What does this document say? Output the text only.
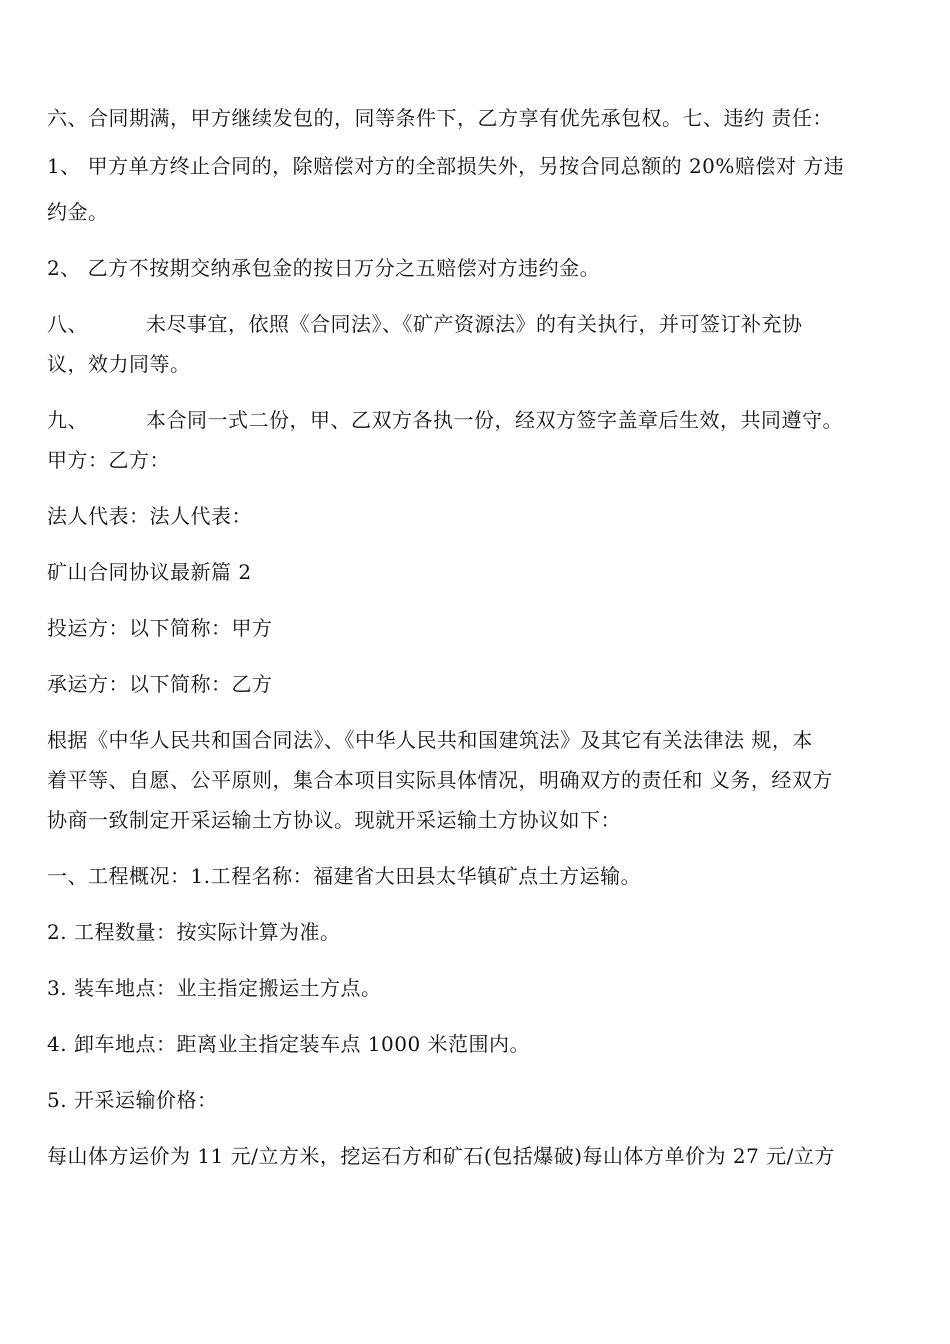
六、合同期满，甲方继续发包的，同等条件下，乙方享有优先承包权。七、违约 责任：
1、 甲方单方终止合同的，除赔偿对方的全部损失外，另按合同总额的 20%赔偿对 方违
约金。
2、 乙方不按期交纳承包金的按日万分之五赔偿对方违约金。
八、	未尽事宜，依照《合同法》、《矿产资源法》的有关执行，并可签订补充协
议，效力同等。
九、	本合同一式二份，甲、乙双方各执一份，经双方签字盖章后生效，共同遵守。
甲方：乙方：
法人代表：法人代表：
矿山合同协议最新篇 2
投运方：以下简称：甲方
承运方：以下简称：乙方
根据《中华人民共和国合同法》、《中华人民共和国建筑法》及其它有关法律法 规，本
着平等、自愿、公平原则，集合本项目实际具体情况，明确双方的责任和 义务，经双方
协商一致制定开采运输土方协议。现就开采运输土方协议如下：
一、工程概况：1.工程名称：福建省大田县太华镇矿点土方运输。
2. 工程数量：按实际计算为准。
3. 装车地点：业主指定搬运土方点。
4. 卸车地点：距离业主指定装车点 1000 米范围内。
5. 开采运输价格：
每山体方运价为 11 元/立方米，挖运石方和矿石(包括爆破)每山体方单价为 27 元/立方
